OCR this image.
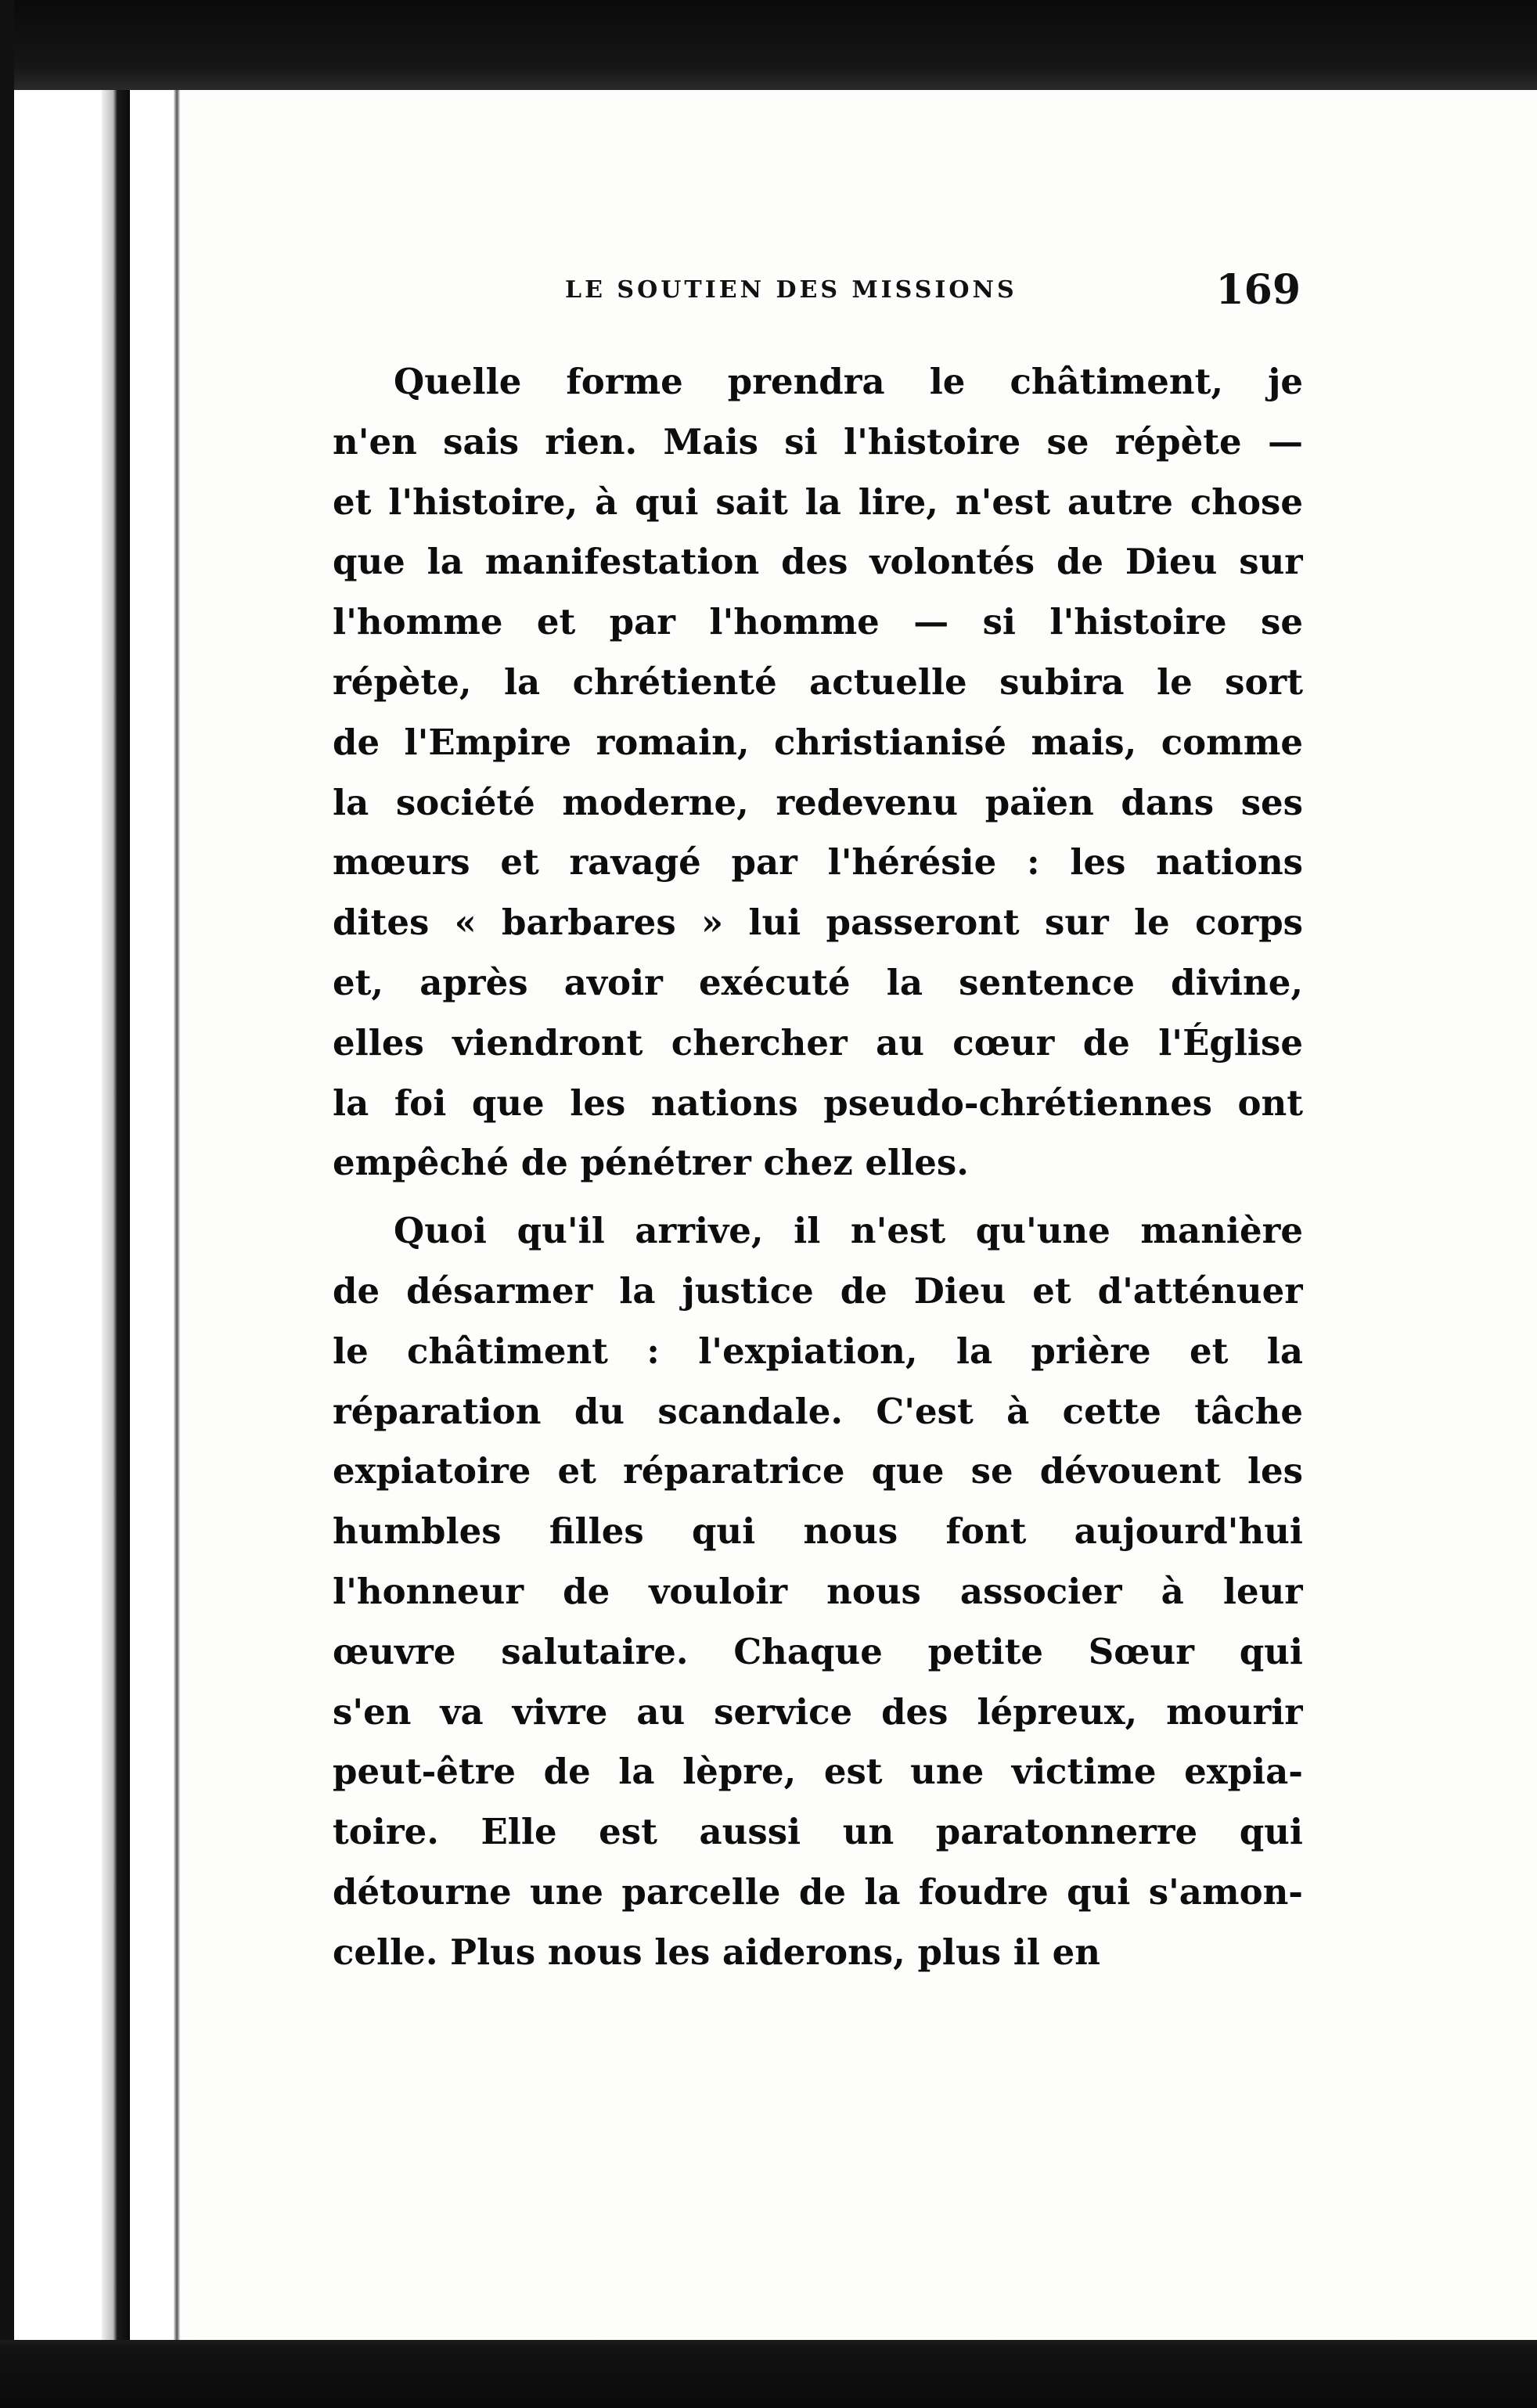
LE SOUTIEN DES MISSIONS	169
Quelle forme prendra le châtiment, je
n'en sais rien. Mais si l'histoire se répète —
et l'histoire, à qui sait la lire, n'est autre chose
que la manifestation des volontés de Dieu sur
l'homme et par l'homme — si l'histoire se
répète, la chrétienté actuelle subira le sort
de l'Empire romain, christianisé mais, comme
la société moderne, redevenu païen dans ses
mœurs et ravagé par l'hérésie : les nations
dites « barbares » lui passeront sur le corps
et, après avoir exécuté la sentence divine,
elles viendront chercher au cœur de l'Église
la foi que les nations pseudo-chrétiennes ont
empêché de pénétrer chez elles.
Quoi qu'il arrive, il n'est qu'une manière
de désarmer la justice de Dieu et d'atténuer
le châtiment : l'expiation, la prière et la
réparation du scandale. C'est à cette tâche
expiatoire et réparatrice que se dévouent les
humbles filles qui nous font aujourd'hui
l'honneur de vouloir nous associer à leur
œuvre salutaire. Chaque petite Sœur qui
s'en va vivre au service des lépreux, mourir
peut-être de la lèpre, est une victime expia-
toire. Elle est aussi un paratonnerre qui
détourne une parcelle de la foudre qui s'amon-
celle. Plus nous les aiderons, plus il en
